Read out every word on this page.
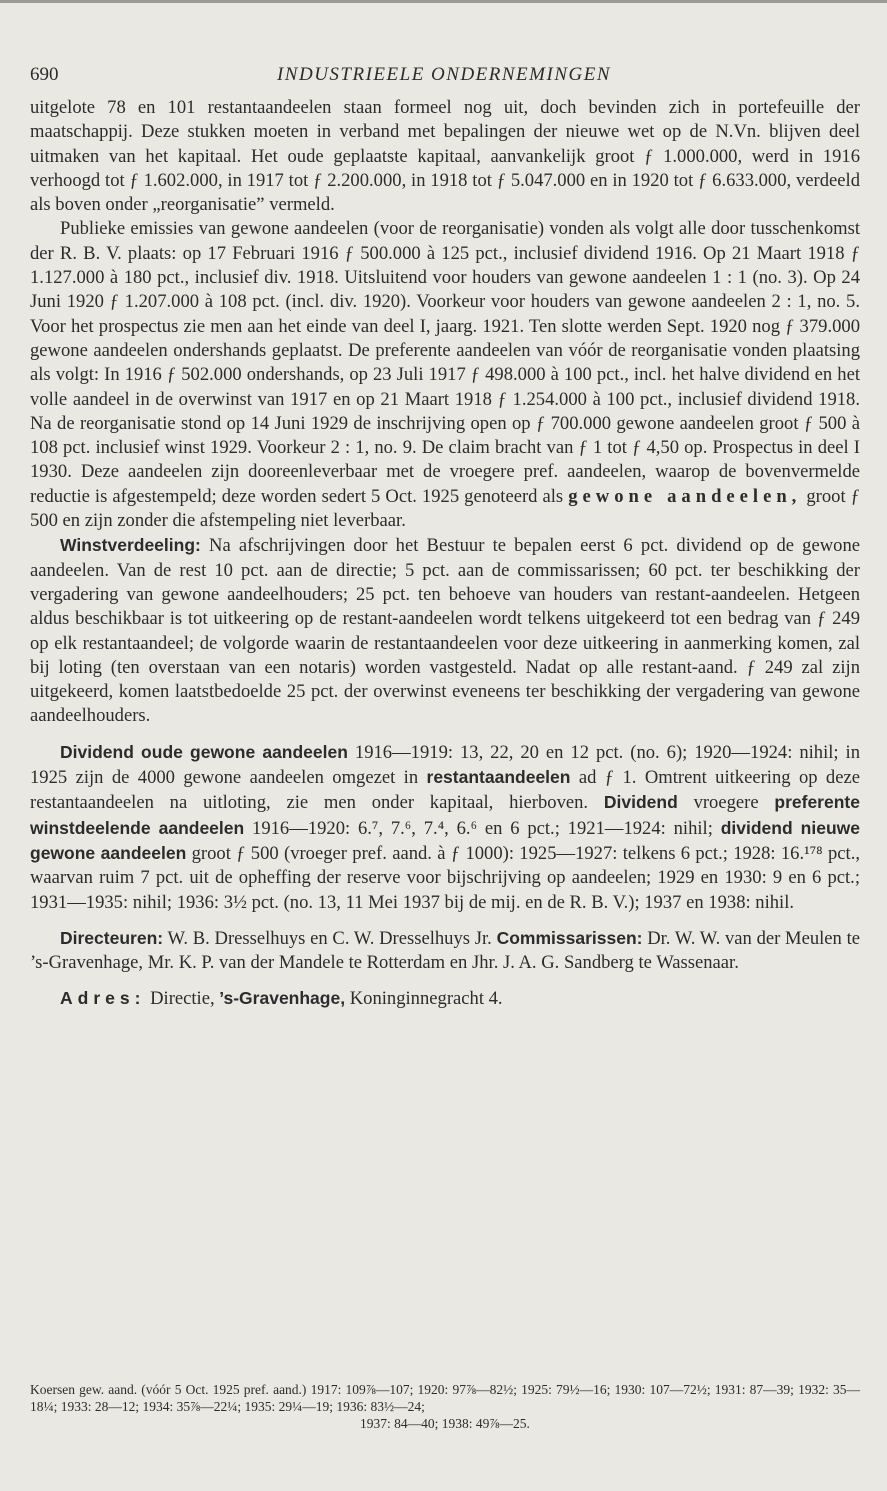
690	INDUSTRIEELE ONDERNEMINGEN

uitgelote 78 en 101 restantaandeelen staan formeel nog uit, doch bevinden zich in portefeuille der maatschappij. Deze stukken moeten in verband met bepalingen der nieuwe wet op de N.Vn. blijven deel uitmaken van het kapitaal. Het oude geplaatste kapitaal, aanvankelijk groot ƒ 1.000.000, werd in 1916 verhoogd tot ƒ 1.602.000, in 1917 tot ƒ 2.200.000, in 1918 tot ƒ 5.047.000 en in 1920 tot ƒ 6.633.000, verdeeld als boven onder „reorganisatie” vermeld.

Publieke emissies van gewone aandeelen (voor de reorganisatie) vonden als volgt alle door tusschenkomst der R. B. V. plaats: op 17 Februari 1916 ƒ 500.000 à 125 pct., inclusief dividend 1916. Op 21 Maart 1918 ƒ 1.127.000 à 180 pct., inclusief div. 1918. Uitsluitend voor houders van gewone aandeelen 1 : 1 (no. 3). Op 24 Juni 1920 ƒ 1.207.000 à 108 pct. (incl. div. 1920). Voorkeur voor houders van gewone aandeelen 2 : 1, no. 5. Voor het prospectus zie men aan het einde van deel I, jaarg. 1921. Ten slotte werden Sept. 1920 nog ƒ 379.000 gewone aandeelen ondershands geplaatst. De preferente aandeelen van vóór de reorganisatie vonden plaatsing als volgt: In 1916 ƒ 502.000 ondershands, op 23 Juli 1917 ƒ 498.000 à 100 pct., incl. het halve dividend en het volle aandeel in de overwinst van 1917 en op 21 Maart 1918 ƒ 1.254.000 à 100 pct., inclusief dividend 1918. Na de reorganisatie stond op 14 Juni 1929 de inschrijving open op ƒ 700.000 gewone aandeelen groot ƒ 500 à 108 pct. inclusief winst 1929. Voorkeur 2 : 1, no. 9. De claim bracht van ƒ 1 tot ƒ 4,50 op. Prospectus in deel I 1930. Deze aandeelen zijn dooreenleverbaar met de vroegere pref. aandeelen, waarop de bovenvermelde reductie is afgestempeld; deze worden sedert 5 Oct. 1925 genoteerd als gewone aandeelen, groot ƒ 500 en zijn zonder die afstempeling niet leverbaar.

Winstverdeeling: Na afschrijvingen door het Bestuur te bepalen eerst 6 pct. dividend op de gewone aandeelen. Van de rest 10 pct. aan de directie; 5 pct. aan de commissarissen; 60 pct. ter beschikking der vergadering van gewone aandeelhouders; 25 pct. ten behoeve van houders van restant-aandeelen. Hetgeen aldus beschikbaar is tot uitkeering op de restant-aandeelen wordt telkens uitgekeerd tot een bedrag van ƒ 249 op elk restantaandeel; de volgorde waarin de restantaandeelen voor deze uitkeering in aanmerking komen, zal bij loting (ten overstaan van een notaris) worden vastgesteld. Nadat op alle restant-aand. ƒ 249 zal zijn uitgekeerd, komen laatstbedoelde 25 pct. der overwinst eveneens ter beschikking der vergadering van gewone aandeelhouders.

Dividend oude gewone aandeelen 1916—1919: 13, 22, 20 en 12 pct. (no. 6); 1920—1924: nihil; in 1925 zijn de 4000 gewone aandeelen omgezet in restantaandeelen ad ƒ 1. Omtrent uitkeering op deze restantaandeelen na uitloting, zie men onder kapitaal, hierboven. Dividend vroegere preferente winstdeelende aandeelen 1916—1920: 6.⁷, 7.⁶, 7.⁴, 6.⁶ en 6 pct.; 1921—1924: nihil; dividend nieuwe gewone aandeelen groot ƒ 500 (vroeger pref. aand. à ƒ 1000): 1925—1927: telkens 6 pct.; 1928: 16.¹⁷⁸ pct., waarvan ruim 7 pct. uit de opheffing der reserve voor bijschrijving op aandeelen; 1929 en 1930: 9 en 6 pct.; 1931—1935: nihil; 1936: 3½ pct. (no. 13, 11 Mei 1937 bij de mij. en de R. B. V.); 1937 en 1938: nihil.

Directeuren: W. B. Dresselhuys en C. W. Dresselhuys Jr. Commissarissen: Dr. W. W. van der Meulen te ’s-Gravenhage, Mr. K. P. van der Mandele te Rotterdam en Jhr. J. A. G. Sandberg te Wassenaar.

Adres: Directie, ’s-Gravenhage, Koninginnegracht 4.

Koersen gew. aand. (vóór 5 Oct. 1925 pref. aand.) 1917: 109⅞—107; 1920: 97⅞—82½; 1925: 79½—16; 1930: 107—72½; 1931: 87—39; 1932: 35—18¼; 1933: 28—12; 1934: 35⅞—22¼; 1935: 29¼—19; 1936: 83½—24;
1937: 84—40; 1938: 49⅞—25.
